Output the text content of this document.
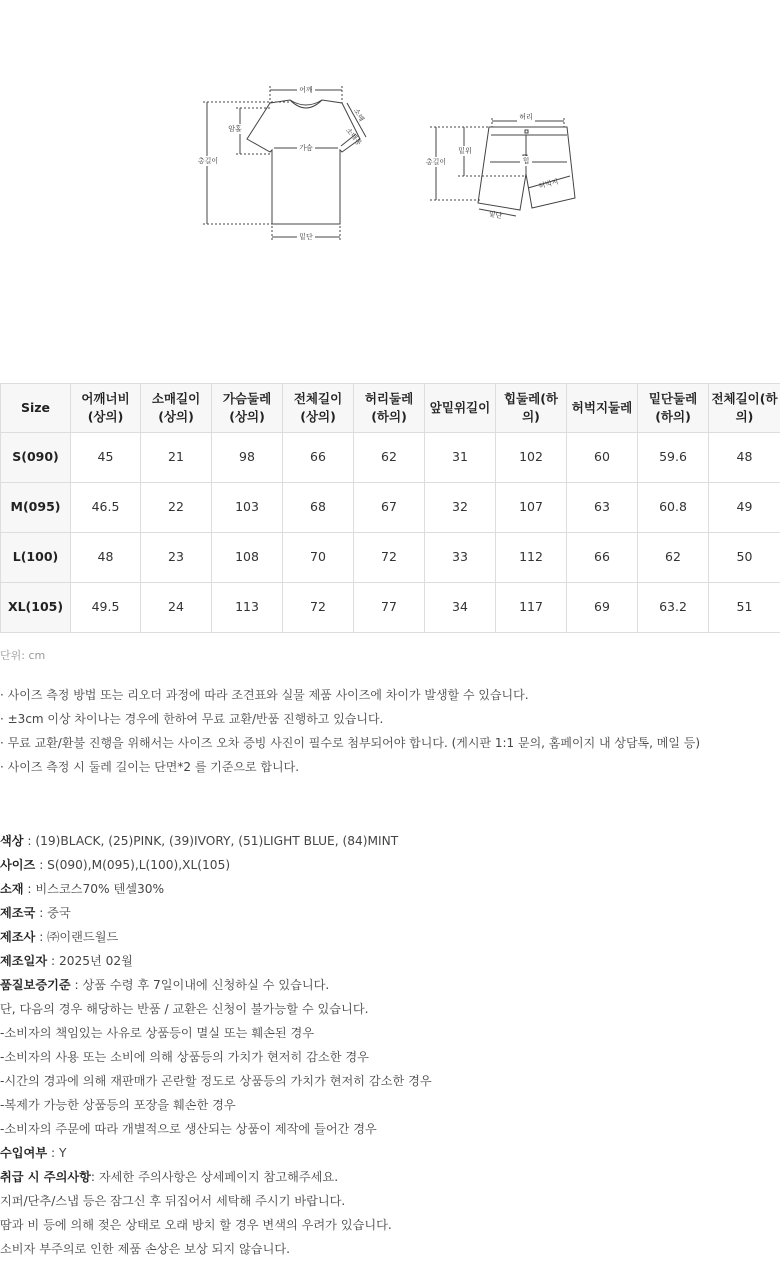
어깨
소매
소매통
암홀
가슴
총길이
밑단
허리
밑위
힙
허벅지
총길이
밑단
Size	어깨너비(상의)	소매길이(상의)	가슴둘레(상의)	전체길이(상의)	허리둘레(하의)	앞밑위길이	힙둘레(하의)	허벅지둘레	밑단둘레(하의)	전체길이(하의)
S(090)	45	21	98	66	62	31	102	60	59.6	48
M(095)	46.5	22	103	68	67	32	107	63	60.8	49
L(100)	48	23	108	70	72	33	112	66	62	50
XL(105)	49.5	24	113	72	77	34	117	69	63.2	51
단위: cm
· 사이즈 측정 방법 또는 리오더 과정에 따라 조견표와 실물 제품 사이즈에 차이가 발생할 수 있습니다.
· ±3cm 이상 차이나는 경우에 한하여 무료 교환/반품 진행하고 있습니다.
· 무료 교환/환불 진행을 위해서는 사이즈 오차 증빙 사진이 필수로 첨부되어야 합니다. (게시판 1:1 문의, 홈페이지 내 상담톡, 메일 등)
· 사이즈 측정 시 둘레 길이는 단면*2 를 기준으로 합니다.
색상 : (19)BLACK, (25)PINK, (39)IVORY, (51)LIGHT BLUE, (84)MINT
사이즈 : S(090),M(095),L(100),XL(105)
소재 : 비스코스70% 텐셀30%
제조국 : 중국
제조사 : ㈜이랜드월드
제조일자 : 2025년 02월
품질보증기준 : 상품 수령 후 7일이내에 신청하실 수 있습니다.
단, 다음의 경우 해당하는 반품 / 교환은 신청이 불가능할 수 있습니다.
-소비자의 책임있는 사유로 상품등이 멸실 또는 훼손된 경우
-소비자의 사용 또는 소비에 의해 상품등의 가치가 현저히 감소한 경우
-시간의 경과에 의해 재판매가 곤란할 정도로 상품등의 가치가 현저히 감소한 경우
-복제가 가능한 상품등의 포장을 훼손한 경우
-소비자의 주문에 따라 개별적으로 생산되는 상품이 제작에 들어간 경우
수입여부 : Y
취급 시 주의사항: 자세한 주의사항은 상세페이지 참고해주세요.
지퍼/단추/스냅 등은 잠그신 후 뒤집어서 세탁해 주시기 바랍니다.
땀과 비 등에 의해 젖은 상태로 오래 방치 할 경우 변색의 우려가 있습니다.
소비자 부주의로 인한 제품 손상은 보상 되지 않습니다.
